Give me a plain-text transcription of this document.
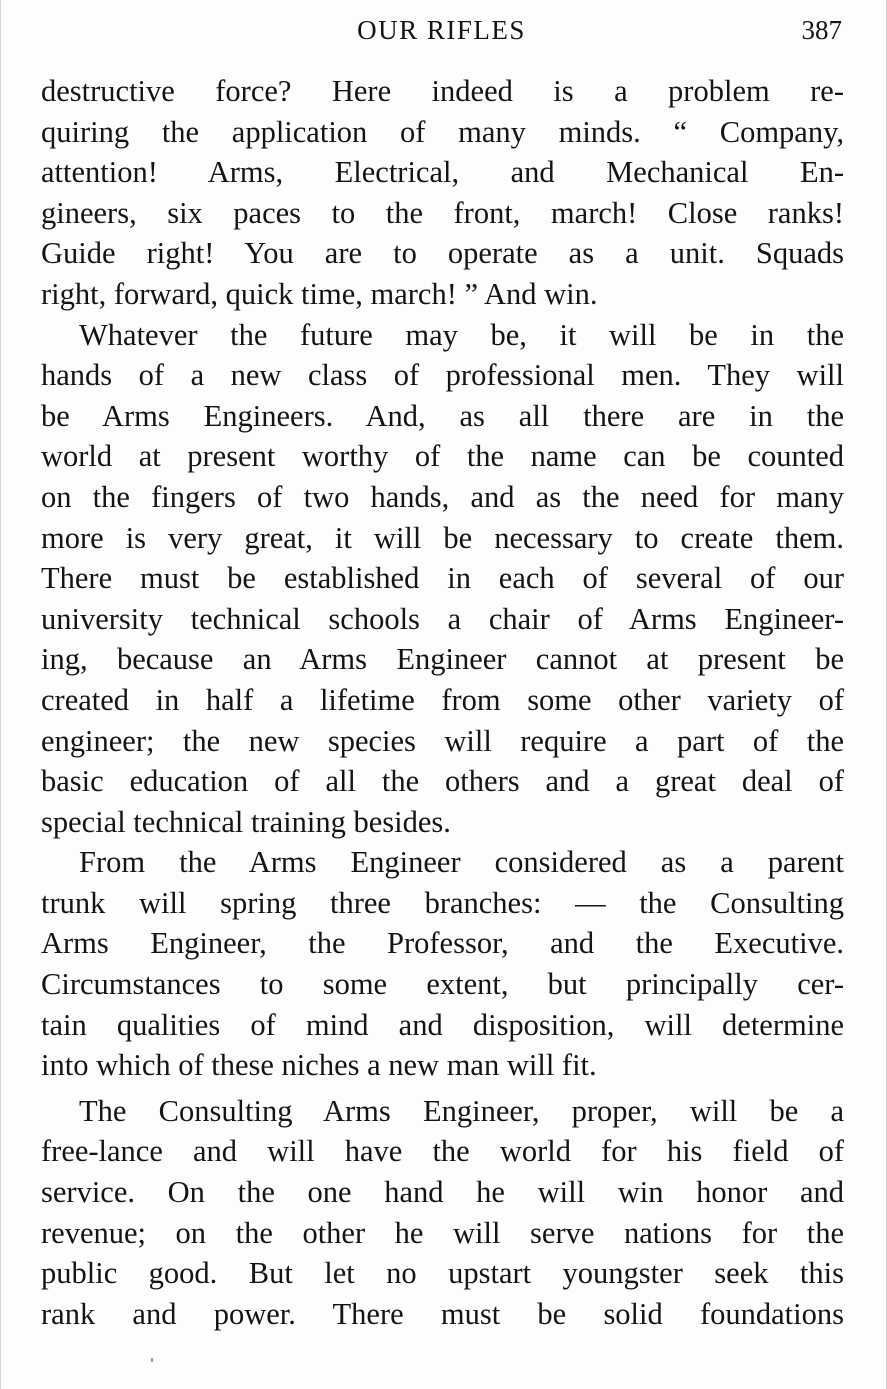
OUR RIFLES	387
destructive force? Here indeed is a problem re-
quiring the application of many minds. “ Company,
attention! Arms, Electrical, and Mechanical En-
gineers, six paces to the front, march! Close ranks!
Guide right! You are to operate as a unit. Squads
right, forward, quick time, march! ” And win.
Whatever the future may be, it will be in the
hands of a new class of professional men. They will
be Arms Engineers. And, as all there are in the
world at present worthy of the name can be counted
on the fingers of two hands, and as the need for many
more is very great, it will be necessary to create them.
There must be established in each of several of our
university technical schools a chair of Arms Engineer-
ing, because an Arms Engineer cannot at present be
created in half a lifetime from some other variety of
engineer; the new species will require a part of the
basic education of all the others and a great deal of
special technical training besides.
From the Arms Engineer considered as a parent
trunk will spring three branches: — the Consulting
Arms Engineer, the Professor, and the Executive.
Circumstances to some extent, but principally cer-
tain qualities of mind and disposition, will determine
into which of these niches a new man will fit.
The Consulting Arms Engineer, proper, will be a
free-lance and will have the world for his field of
service. On the one hand he will win honor and
revenue; on the other he will serve nations for the
public good. But let no upstart youngster seek this
rank and power. There must be solid foundations
